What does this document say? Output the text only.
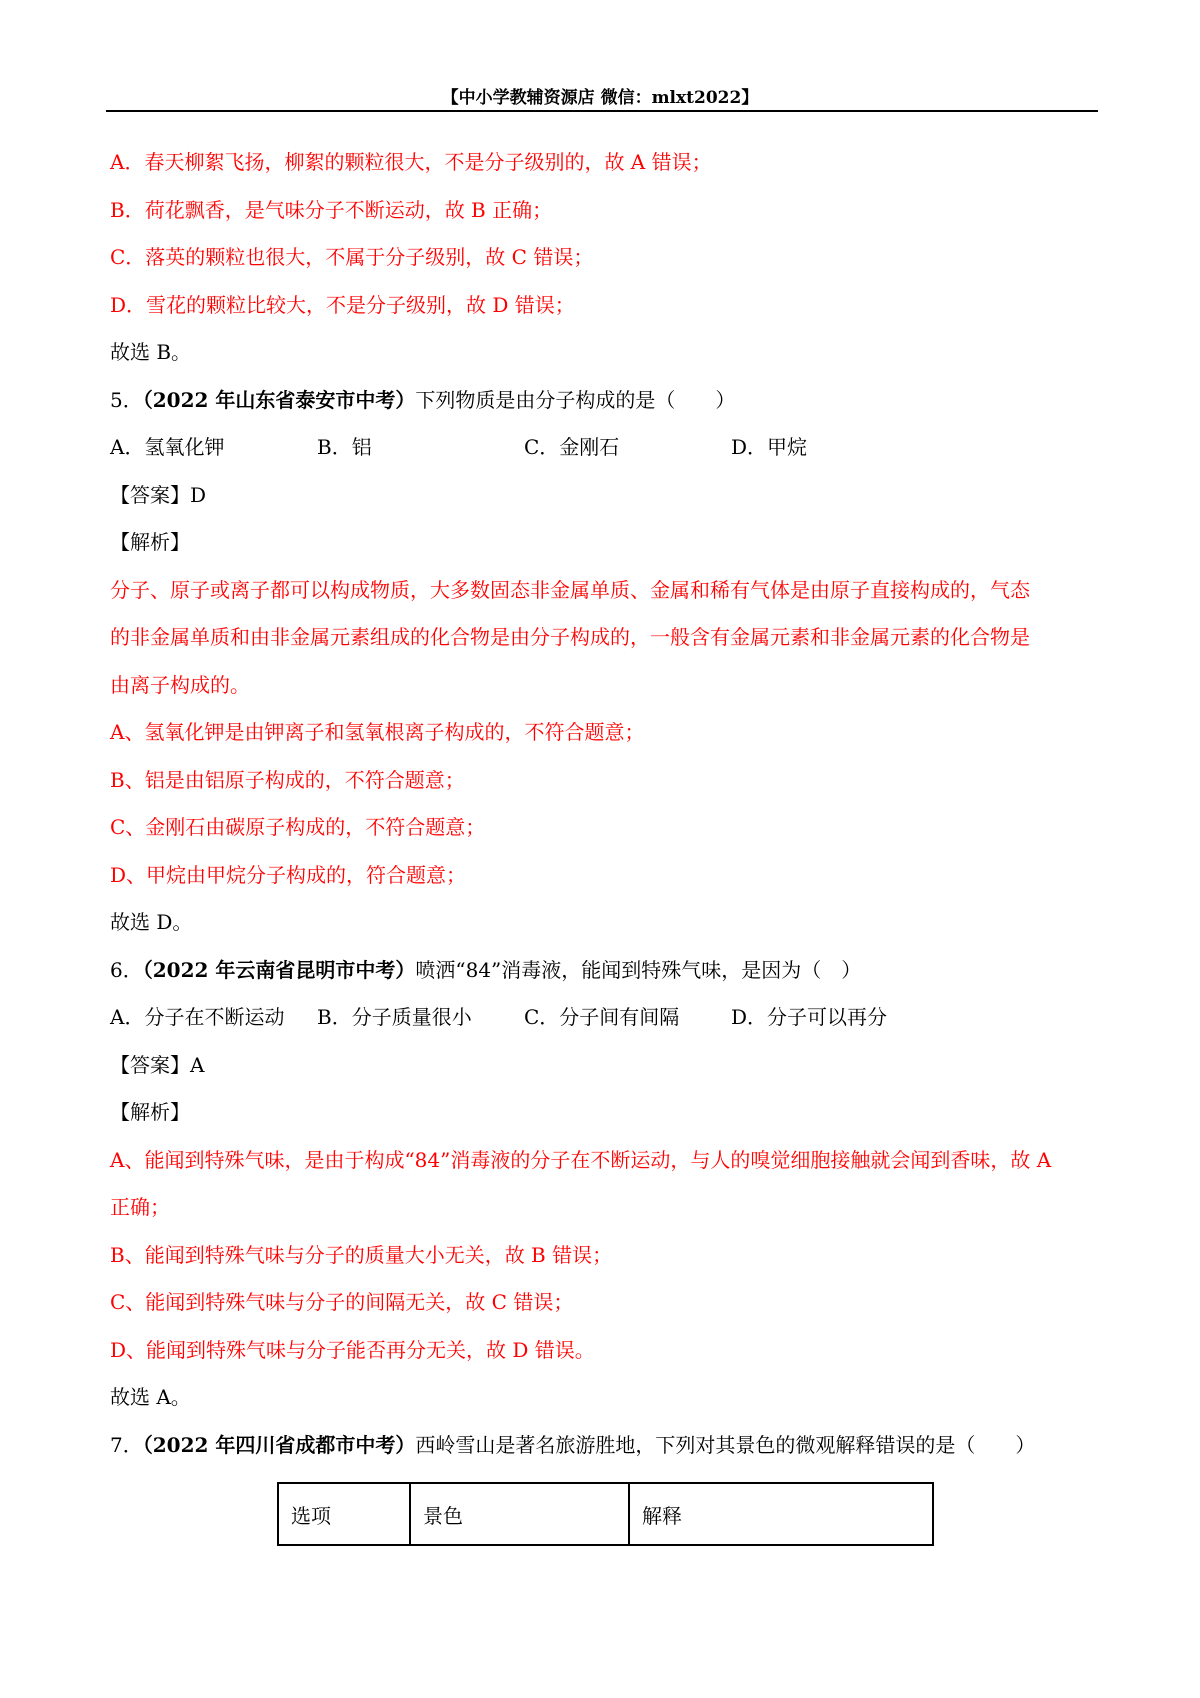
【中小学教辅资源店 微信：mlxt2022】
A．春天柳絮飞扬，柳絮的颗粒很大，不是分子级别的，故 A 错误；
B．荷花飘香，是气味分子不断运动，故 B 正确；
C．落英的颗粒也很大，不属于分子级别，故 C 错误；
D．雪花的颗粒比较大，不是分子级别，故 D 错误；
故选 B。
5．（2022 年山东省泰安市中考）下列物质是由分子构成的是（　　）
A．氢氧化钾	B．铝	C．金刚石	D．甲烷
【答案】D
【解析】
分子、原子或离子都可以构成物质，大多数固态非金属单质、金属和稀有气体是由原子直接构成的，气态
的非金属单质和由非金属元素组成的化合物是由分子构成的，一般含有金属元素和非金属元素的化合物是
由离子构成的。
A、氢氧化钾是由钾离子和氢氧根离子构成的，不符合题意；
B、铝是由铝原子构成的，不符合题意；
C、金刚石由碳原子构成的，不符合题意；
D、甲烷由甲烷分子构成的，符合题意；
故选 D。
6．（2022 年云南省昆明市中考）喷洒“84”消毒液，能闻到特殊气味，是因为（　）
A．分子在不断运动	B．分子质量很小	C．分子间有间隔	D．分子可以再分
【答案】A
【解析】
A、能闻到特殊气味，是由于构成“84”消毒液的分子在不断运动，与人的嗅觉细胞接触就会闻到香味，故 A
正确；
B、能闻到特殊气味与分子的质量大小无关，故 B 错误；
C、能闻到特殊气味与分子的间隔无关，故 C 错误；
D、能闻到特殊气味与分子能否再分无关，故 D 错误。
故选 A。
7．（2022 年四川省成都市中考）西岭雪山是著名旅游胜地，下列对其景色的微观解释错误的是（　　）
选项	景色	解释
